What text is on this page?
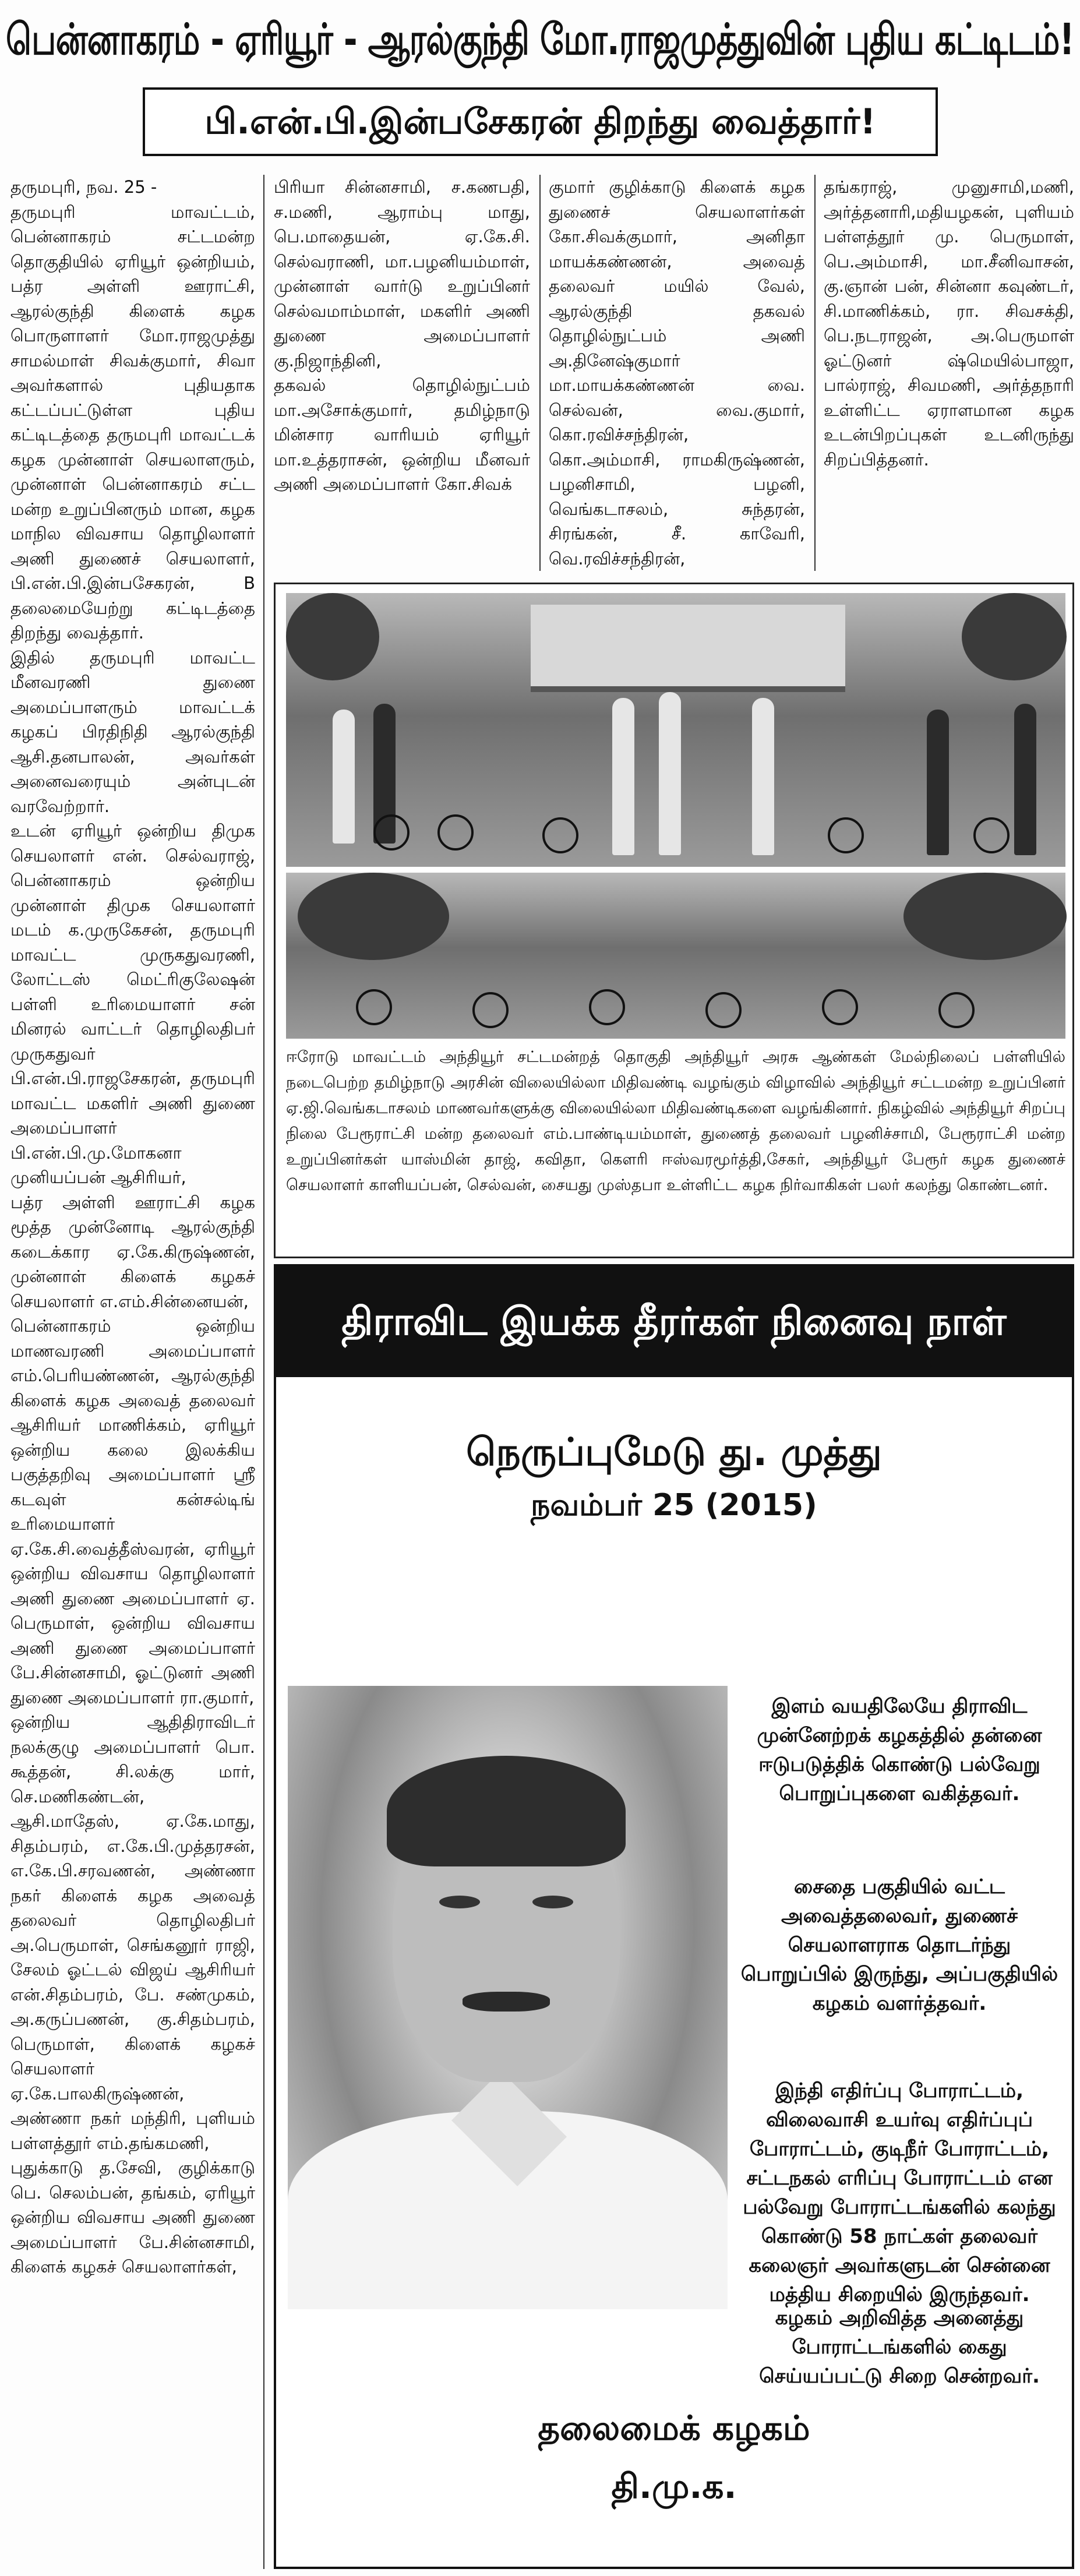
பென்னாகரம் - ஏரியூர் - ஆரல்குந்தி மோ.ராஜமுத்துவின் புதிய கட்டிடம்!
பி.என்.பி.இன்பசேகரன் திறந்து வைத்தார்!
தருமபுரி, நவ. 25 -
தருமபுரி மாவட்டம், பென்னாகரம் சட்டமன்ற தொகுதியில் ஏரியூர் ஒன்றியம், பத்ர அள்ளி ஊராட்சி, ஆரல்குந்தி கிளைக் கழக பொருளாளர் மோ.ராஜமுத்து சாமல்மாள் சிவக்குமார், சிவா அவர்களால் புதியதாக கட்டப்பட்டுள்ள புதிய கட்டிடத்தை தருமபுரி மாவட்டக் கழக முன்னாள் செயலாளரும், முன்னாள் பென்னாகரம் சட்ட மன்ற உறுப்பினரும் மான, கழக மாநில விவசாய தொழிலாளர் அணி துணைச் செயலாளர், பி.என்.பி.இன்பசேகரன், B தலைமையேற்று கட்டிடத்தை திறந்து வைத்தார்.
இதில் தருமபுரி மாவட்ட மீனவரணி துணை அமைப்பாளரும் மாவட்டக் கழகப் பிரதிநிதி ஆரல்குந்தி ஆசி.தனபாலன், அவர்கள் அனைவரையும் அன்புடன் வரவேற்றார்.
உடன் ஏரியூர் ஒன்றிய திமுக செயலாளர் என். செல்வராஜ், பென்னாகரம் ஒன்றிய முன்னாள் திமுக செயலாளர் மடம் க.முருகேசன், தருமபுரி மாவட்ட முருகதுவரணி, லோட்டஸ் மெட்ரிகுலேஷன் பள்ளி உரிமையாளர் சன் மினரல் வாட்டர் தொழிலதிபர் முருகதுவர் பி.என்.பி.ராஜசேகரன், தருமபுரி மாவட்ட மகளிர் அணி துணை அமைப்பாளர் பி.என்.பி.மு.மோகனா முனியப்பன் ஆசிரியர்,
பத்ர அள்ளி ஊராட்சி கழக மூத்த முன்னோடி ஆரல்குந்தி கடைக்கார ஏ.கே.கிருஷ்ணன், முன்னாள் கிளைக் கழகச் செயலாளர் எ.எம்.சின்னையன்,
பென்னாகரம் ஒன்றிய மாணவரணி அமைப்பாளர் எம்.பெரியண்ணன், ஆரல்குந்தி கிளைக் கழக அவைத் தலைவர் ஆசிரியர் மாணிக்கம், ஏரியூர் ஒன்றிய கலை இலக்கிய பகுத்தறிவு அமைப்பாளர் ஸ்ரீ கடவுள் கன்சல்டிங் உரிமையாளர் ஏ.கே.சி.வைத்தீஸ்வரன், ஏரியூர் ஒன்றிய விவசாய தொழிலாளர் அணி துணை அமைப்பாளர் ஏ. பெருமாள், ஒன்றிய விவசாய அணி துணை அமைப்பாளர் பே.சின்னசாமி, ஓட்டுனர் அணி துணை அமைப்பாளர் ரா.குமார்,
ஒன்றிய ஆதிதிராவிடர் நலக்குழு அமைப்பாளர் பொ. கூத்தன், சி.லக்கு மார், செ.மணிகண்டன், ஆசி.மாதேஸ், ஏ.கே.மாது, சிதம்பரம், எ.கே.பி.முத்தரசன், எ.கே.பி.சரவணன், அண்ணா நகர் கிளைக் கழக அவைத் தலைவர் தொழிலதிபர் அ.பெருமாள், செங்கனூர் ராஜி, சேலம் ஓட்டல் விஜய் ஆசிரியர் என்.சிதம்பரம், பே. சண்முகம், அ.கருப்பணன், கு.சிதம்பரம், பெருமாள், கிளைக் கழகச் செயலாளர் ஏ.கே.பாலகிருஷ்ணன், அண்ணா நகர் மந்திரி, புளியம் பள்ளத்தூர் எம்.தங்கமணி,
புதுக்காடு த.சேவி, குழிக்காடு பெ. செலம்பன், தங்கம், ஏரியூர் ஒன்றிய விவசாய அணி துணை அமைப்பாளர் பே.சின்னசாமி, கிளைக் கழகச் செயலாளர்கள்,
பிரியா சின்னசாமி, ச.கணபதி, ச.மணி, ஆராம்பு மாது, பெ.மாதையன், ஏ.கே.சி. செல்வராணி, மா.பழனியம்மாள், முன்னாள் வார்டு உறுப்பினர் செல்வமாம்மாள், மகளிர் அணி துணை அமைப்பாளர் கு.நிஜாந்தினி,
தகவல் தொழில்நுட்பம் மா.அசோக்குமார், தமிழ்நாடு மின்சார வாரியம் ஏரியூர் மா.உத்தராசன், ஒன்றிய மீனவர் அணி அமைப்பாளர் கோ.சிவக்
குமார் குழிக்காடு கிளைக் கழக துணைச் செயலாளர்கள் கோ.சிவக்குமார், அனிதா மாயக்கண்ணன், அவைத் தலைவர் மயில் வேல், ஆரல்குந்தி தகவல் தொழில்நுட்பம் அணி அ.தினேஷ்குமார் மா.மாயக்கண்ணன் வை. செல்வன், வை.குமார், கொ.ரவிச்சந்திரன், கொ.அம்மாசி, ராமகிருஷ்ணன், பழனிசாமி, பழனி, வெங்கடாசலம், சுந்தரன், சிரங்கன், சீ. காவேரி, வெ.ரவிச்சந்திரன்,
தங்கராஜ், முனுசாமி,மணி, அர்த்தனாரி,மதியழகன், புளியம் பள்ளத்தூர் மு. பெருமாள், பெ.அம்மாசி, மா.சீனிவாசன், கு.ஞான் பன், சின்னா கவுண்டர், சி.மாணிக்கம், ரா. சிவசக்தி, பெ.நடராஜன், அ.பெருமாள் ஓட்டுனர் ஷ்மெயில்பாஜா, பால்ராஜ், சிவமணி, அர்த்தநாரி உள்ளிட்ட ஏராளமான கழக உடன்பிறப்புகள் உடனிருந்து சிறப்பித்தனர்.
ஈரோடு மாவட்டம் அந்தியூர் சட்டமன்றத் தொகுதி அந்தியூர் அரசு ஆண்கள் மேல்நிலைப் பள்ளியில் நடைபெற்ற தமிழ்நாடு அரசின் விலையில்லா மிதிவண்டி வழங்கும் விழாவில் அந்தியூர் சட்டமன்ற உறுப்பினர் ஏ.ஜி.வெங்கடாசலம் மாணவர்களுக்கு விலையில்லா மிதிவண்டிகளை வழங்கினார். நிகழ்வில் அந்தியூர் சிறப்பு நிலை பேரூராட்சி மன்ற தலைவர் எம்.பாண்டியம்மாள், துணைத் தலைவர் பழனிச்சாமி, பேரூராட்சி மன்ற உறுப்பினர்கள் யாஸ்மின் தாஜ், கவிதா, கௌரி ஈஸ்வரமூர்த்தி,சேகர், அந்தியூர் பேரூர் கழக துணைச் செயலாளர் காளியப்பன், செல்வன், சையது முஸ்தபா உள்ளிட்ட கழக நிர்வாகிகள் பலர் கலந்து கொண்டனர்.
திராவிட இயக்க தீரர்கள் நினைவு நாள்
நெருப்புமேடு து. முத்து
நவம்பர் 25 (2015)
இளம் வயதிலேயே திராவிட
முன்னேற்றக் கழகத்தில் தன்னை
ஈடுபடுத்திக் கொண்டு பல்வேறு
பொறுப்புகளை வகித்தவர்.
சைதை பகுதியில் வட்ட
அவைத்தலைவர், துணைச்
செயலாளராக தொடர்ந்து
பொறுப்பில் இருந்து, அப்பகுதியில்
கழகம் வளர்த்தவர்.
இந்தி எதிர்ப்பு போராட்டம்,
விலைவாசி உயர்வு எதிர்ப்புப்
போராட்டம், குடிநீர் போராட்டம்,
சட்டநகல் எரிப்பு போராட்டம் என
பல்வேறு போராட்டங்களில் கலந்து
கொண்டு 58 நாட்கள் தலைவர்
கலைஞர் அவர்களுடன் சென்னை
மத்திய சிறையில் இருந்தவர்.
கழகம் அறிவித்த அனைத்து
போராட்டங்களில் கைது
செய்யப்பட்டு சிறை சென்றவர்.
தலைமைக் கழகம்
தி.மு.க.
